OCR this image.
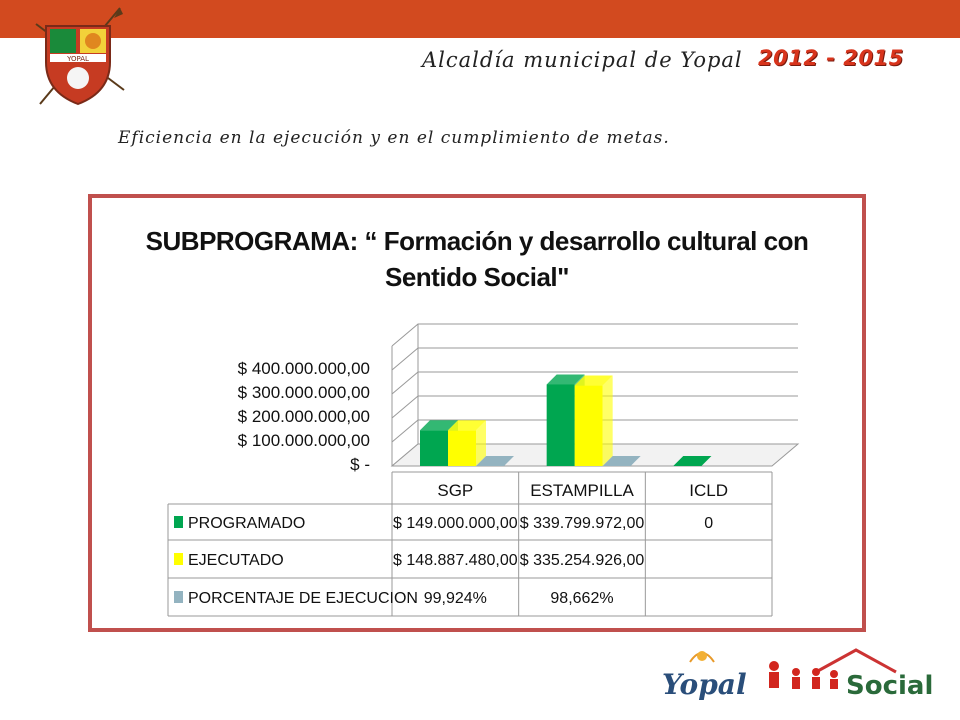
YOPAL	Alcaldía municipal de Yopal 2012 - 2015
Eficiencia en la ejecución y en el cumplimiento de metas.
SUBPROGRAMA: “ Formación y desarrollo cultural con
Sentido Social"
$ 400.000.000,00
$ 300.000.000,00
$ 200.000.000,00
$ 100.000.000,00
$ -
SGP	ESTAMPILLA	ICLD
PROGRAMADO	$ 149.000.000,00 $ 339.799.972,00	0
EJECUTADO	$ 148.887.480,00 $ 335.254.926,00
PORCENTAJE DE EJECUCION 99,924%	98,662%
Yopal	Social
